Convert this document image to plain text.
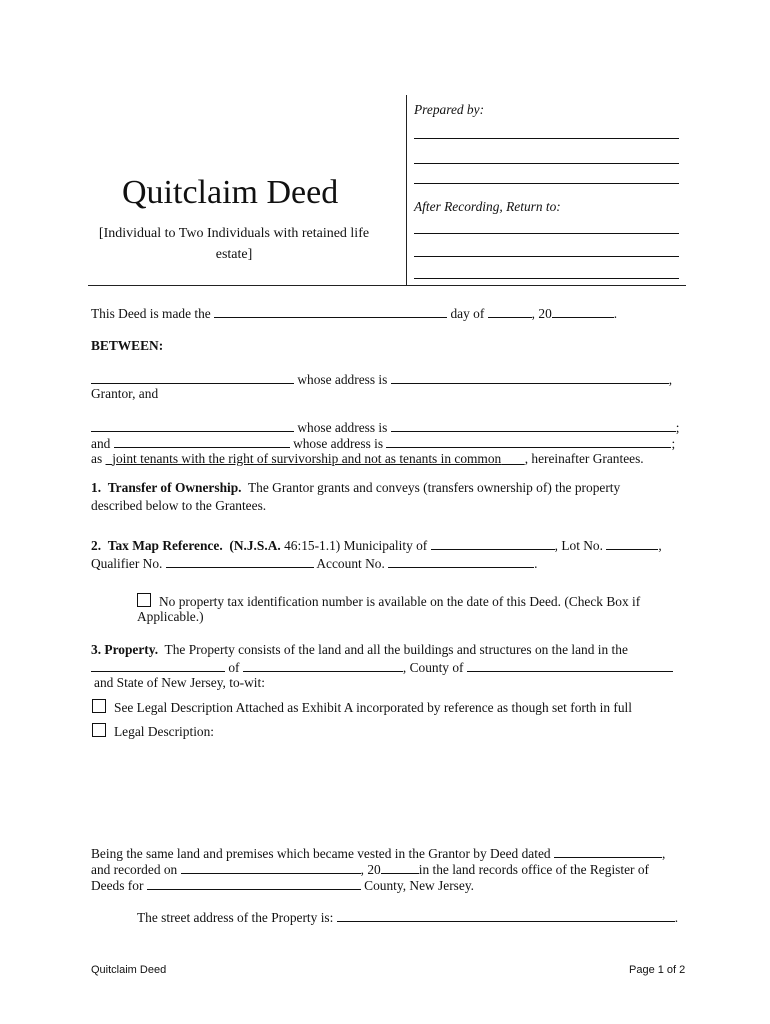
Prepared by:
After Recording, Return to:
Quitclaim Deed
[Individual to Two Individuals with retained life estate]
This Deed is made the	day of	, 20	.
BETWEEN:
whose address is	,
Grantor, and
whose address is	;
and	whose address is	;
as joint tenants with the right of survivorship and not as tenants in common , hereinafter Grantees.
1. Transfer of Ownership. The Grantor grants and conveys (transfers ownership of) the property
described below to the Grantees.
2. Tax Map Reference. (N.J.S.A. 46:15-1.1) Municipality of	, Lot No.	,
Qualifier No.	Account No.	.
No property tax identification number is available on the date of this Deed. (Check Box if
Applicable.)
3. Property. The Property consists of the land and all the buildings and structures on the land in the
of	, County of
and State of New Jersey, to-wit:
See Legal Description Attached as Exhibit A incorporated by reference as though set forth in full
Legal Description:
Being the same land and premises which became vested in the Grantor by Deed dated	,
and recorded on	, 20	in the land records office of the Register of
Deeds for	County, New Jersey.
The street address of the Property is:	.
Quitclaim Deed	Page 1 of 2
